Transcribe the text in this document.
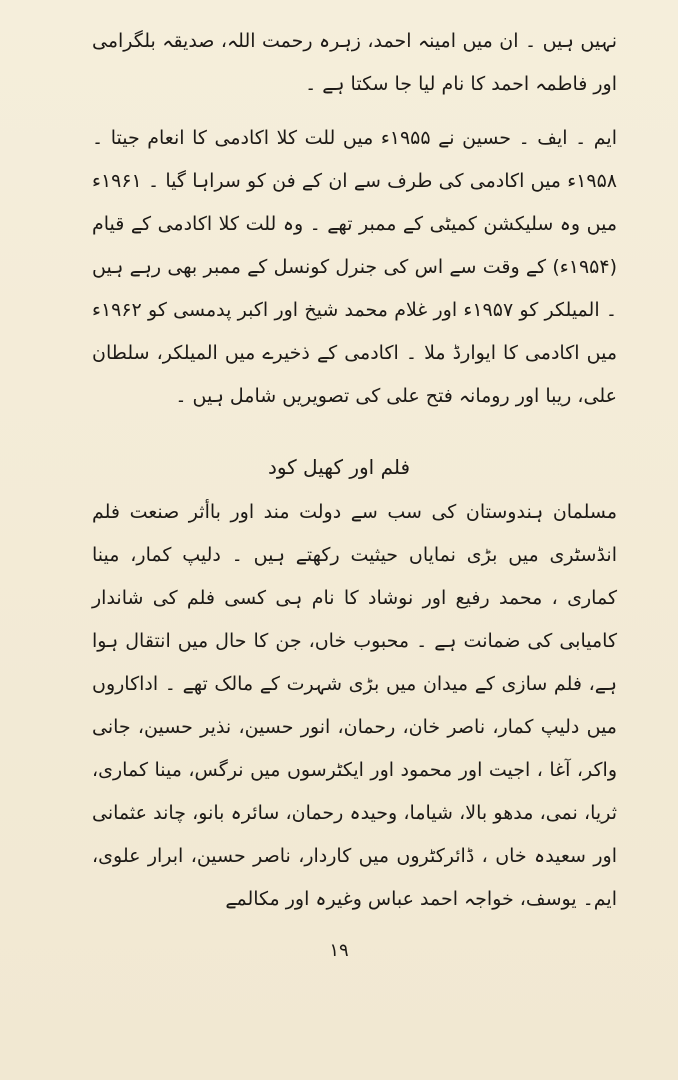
نہیں ہیں ۔ ان میں امینہ احمد، زہرہ رحمت اللہ، صدیقہ بلگرامی اور فاطمہ احمد کا نام لیا جا سکتا ہے ۔

ایم ۔ ایف ۔ حسین نے ۱۹۵۵ء میں للت کلا اکادمی کا انعام جیتا ۔ ۱۹۵۸ء میں اکادمی کی طرف سے ان کے فن کو سراہا گیا ۔ ۱۹۶۱ء میں وہ سلیکشن کمیٹی کے ممبر تھے ۔ وہ للت کلا اکادمی کے قیام (۱۹۵۴ء) کے وقت سے اس کی جنرل کونسل کے ممبر بھی رہے ہیں ۔ المیلکر کو ۱۹۵۷ء اور غلام محمد شیخ اور اکبر پدمسی کو ۱۹۶۲ء میں اکادمی کا ایوارڈ ملا ۔ اکادمی کے ذخیرے میں المیلکر، سلطان علی، ریبا اور رومانہ فتح علی کی تصویریں شامل ہیں ۔

فلم اور کھیل کود

مسلمان ہندوستان کی سب سے دولت مند اور باأثر صنعت فلم انڈسٹری میں بڑی نمایاں حیثیت رکھتے ہیں ۔ دلیپ کمار، مینا کماری ، محمد رفیع اور نوشاد کا نام ہی کسی فلم کی شاندار کامیابی کی ضمانت ہے ۔ محبوب خاں، جن کا حال میں انتقال ہوا ہے، فلم سازی کے میدان میں بڑی شہرت کے مالک تھے ۔ اداکاروں میں دلیپ کمار، ناصر خان، رحمان، انور حسین، نذیر حسین، جانی واکر، آغا ، اجیت اور محمود اور ایکٹرسوں میں نرگس، مینا کماری، ثریا، نمی، مدھو بالا، شیاما، وحیدہ رحمان، سائرہ بانو، چاند عثمانی اور سعیدہ خاں ، ڈائرکٹروں میں کاردار، ناصر حسین، ابرار علوی، ایم۔ یوسف، خواجہ احمد عباس وغیرہ اور مکالمے

۱۹
